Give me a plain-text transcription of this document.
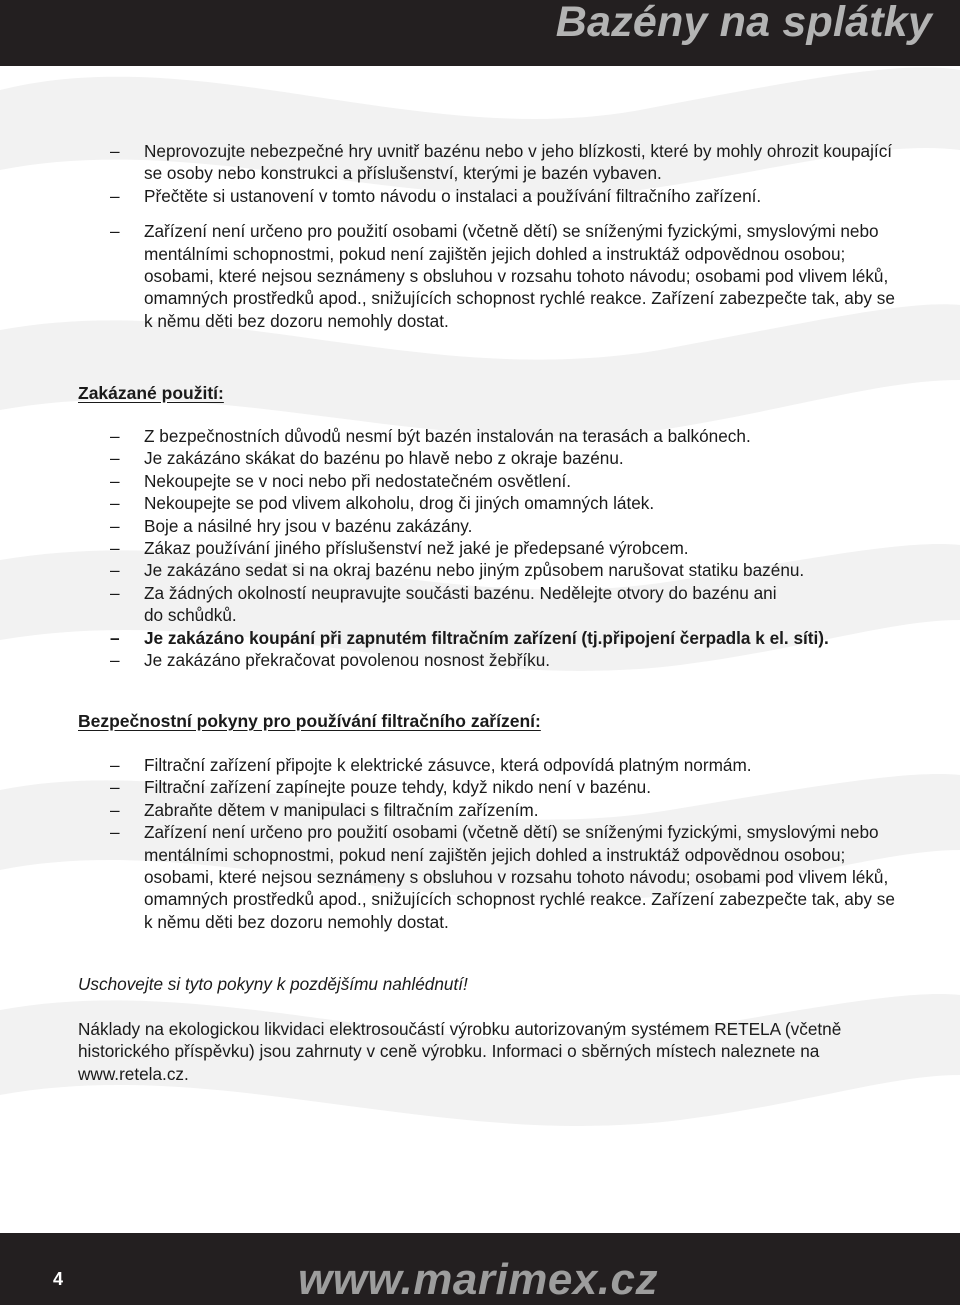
Bazény na splátky
– Neprovozujte nebezpečné hry uvnitř bazénu nebo v jeho blízkosti, které by mohly ohrozit koupající se osoby nebo konstrukci a příslušenství, kterými je bazén vybaven.
– Přečtěte si ustanovení v tomto návodu o instalaci a používání filtračního zařízení.
– Zařízení není určeno pro použití osobami (včetně dětí) se sníženými fyzickými, smyslovými nebo mentálními schopnostmi, pokud není zajištěn jejich dohled a instruktáž odpovědnou osobou; osobami, které nejsou seznámeny s obsluhou v rozsahu tohoto návodu; osobami pod vlivem léků, omamných prostředků apod., snižujících schopnost rychlé reakce. Zařízení zabezpečte tak, aby se k němu děti bez dozoru nemohly dostat.
Zakázané použití:
– Z bezpečnostních důvodů nesmí být bazén instalován na terasách a balkónech.
– Je zakázáno skákat do bazénu po hlavě nebo z okraje bazénu.
– Nekoupejte se v noci nebo při nedostatečném osvětlení.
– Nekoupejte se pod vlivem alkoholu, drog či jiných omamných látek.
– Boje a násilné hry jsou v bazénu zakázány.
– Zákaz používání jiného příslušenství než jaké je předepsané výrobcem.
– Je zakázáno sedat si na okraj bazénu nebo jiným způsobem narušovat statiku bazénu.
– Za žádných okolností neupravujte součásti bazénu. Nedělejte otvory do bazénu ani do schůdků.
– Je zakázáno koupání při zapnutém filtračním zařízení (tj.připojení čerpadla k el. síti).
– Je zakázáno překračovat povolenou nosnost žebříku.
Bezpečnostní pokyny pro používání filtračního zařízení:
– Filtrační zařízení připojte k elektrické zásuvce, která odpovídá platným normám.
– Filtrační zařízení zapínejte pouze tehdy, když nikdo není v bazénu.
– Zabraňte dětem v manipulaci s filtračním zařízením.
– Zařízení není určeno pro použití osobami (včetně dětí) se sníženými fyzickými, smyslovými nebo mentálními schopnostmi, pokud není zajištěn jejich dohled a instruktáž odpovědnou osobou; osobami, které nejsou seznámeny s obsluhou v rozsahu tohoto návodu; osobami pod vlivem léků, omamných prostředků apod., snižujících schopnost rychlé reakce. Zařízení zabezpečte tak, aby se k němu děti bez dozoru nemohly dostat.
Uschovejte si tyto pokyny k pozdějšímu nahlédnutí!
Náklady na ekologickou likvidaci elektrosoučástí výrobku autorizovaným systémem RETELA (včetně historického příspěvku) jsou zahrnuty v ceně výrobku. Informaci o sběrných místech naleznete na www.retela.cz.
4	www.marimex.cz
